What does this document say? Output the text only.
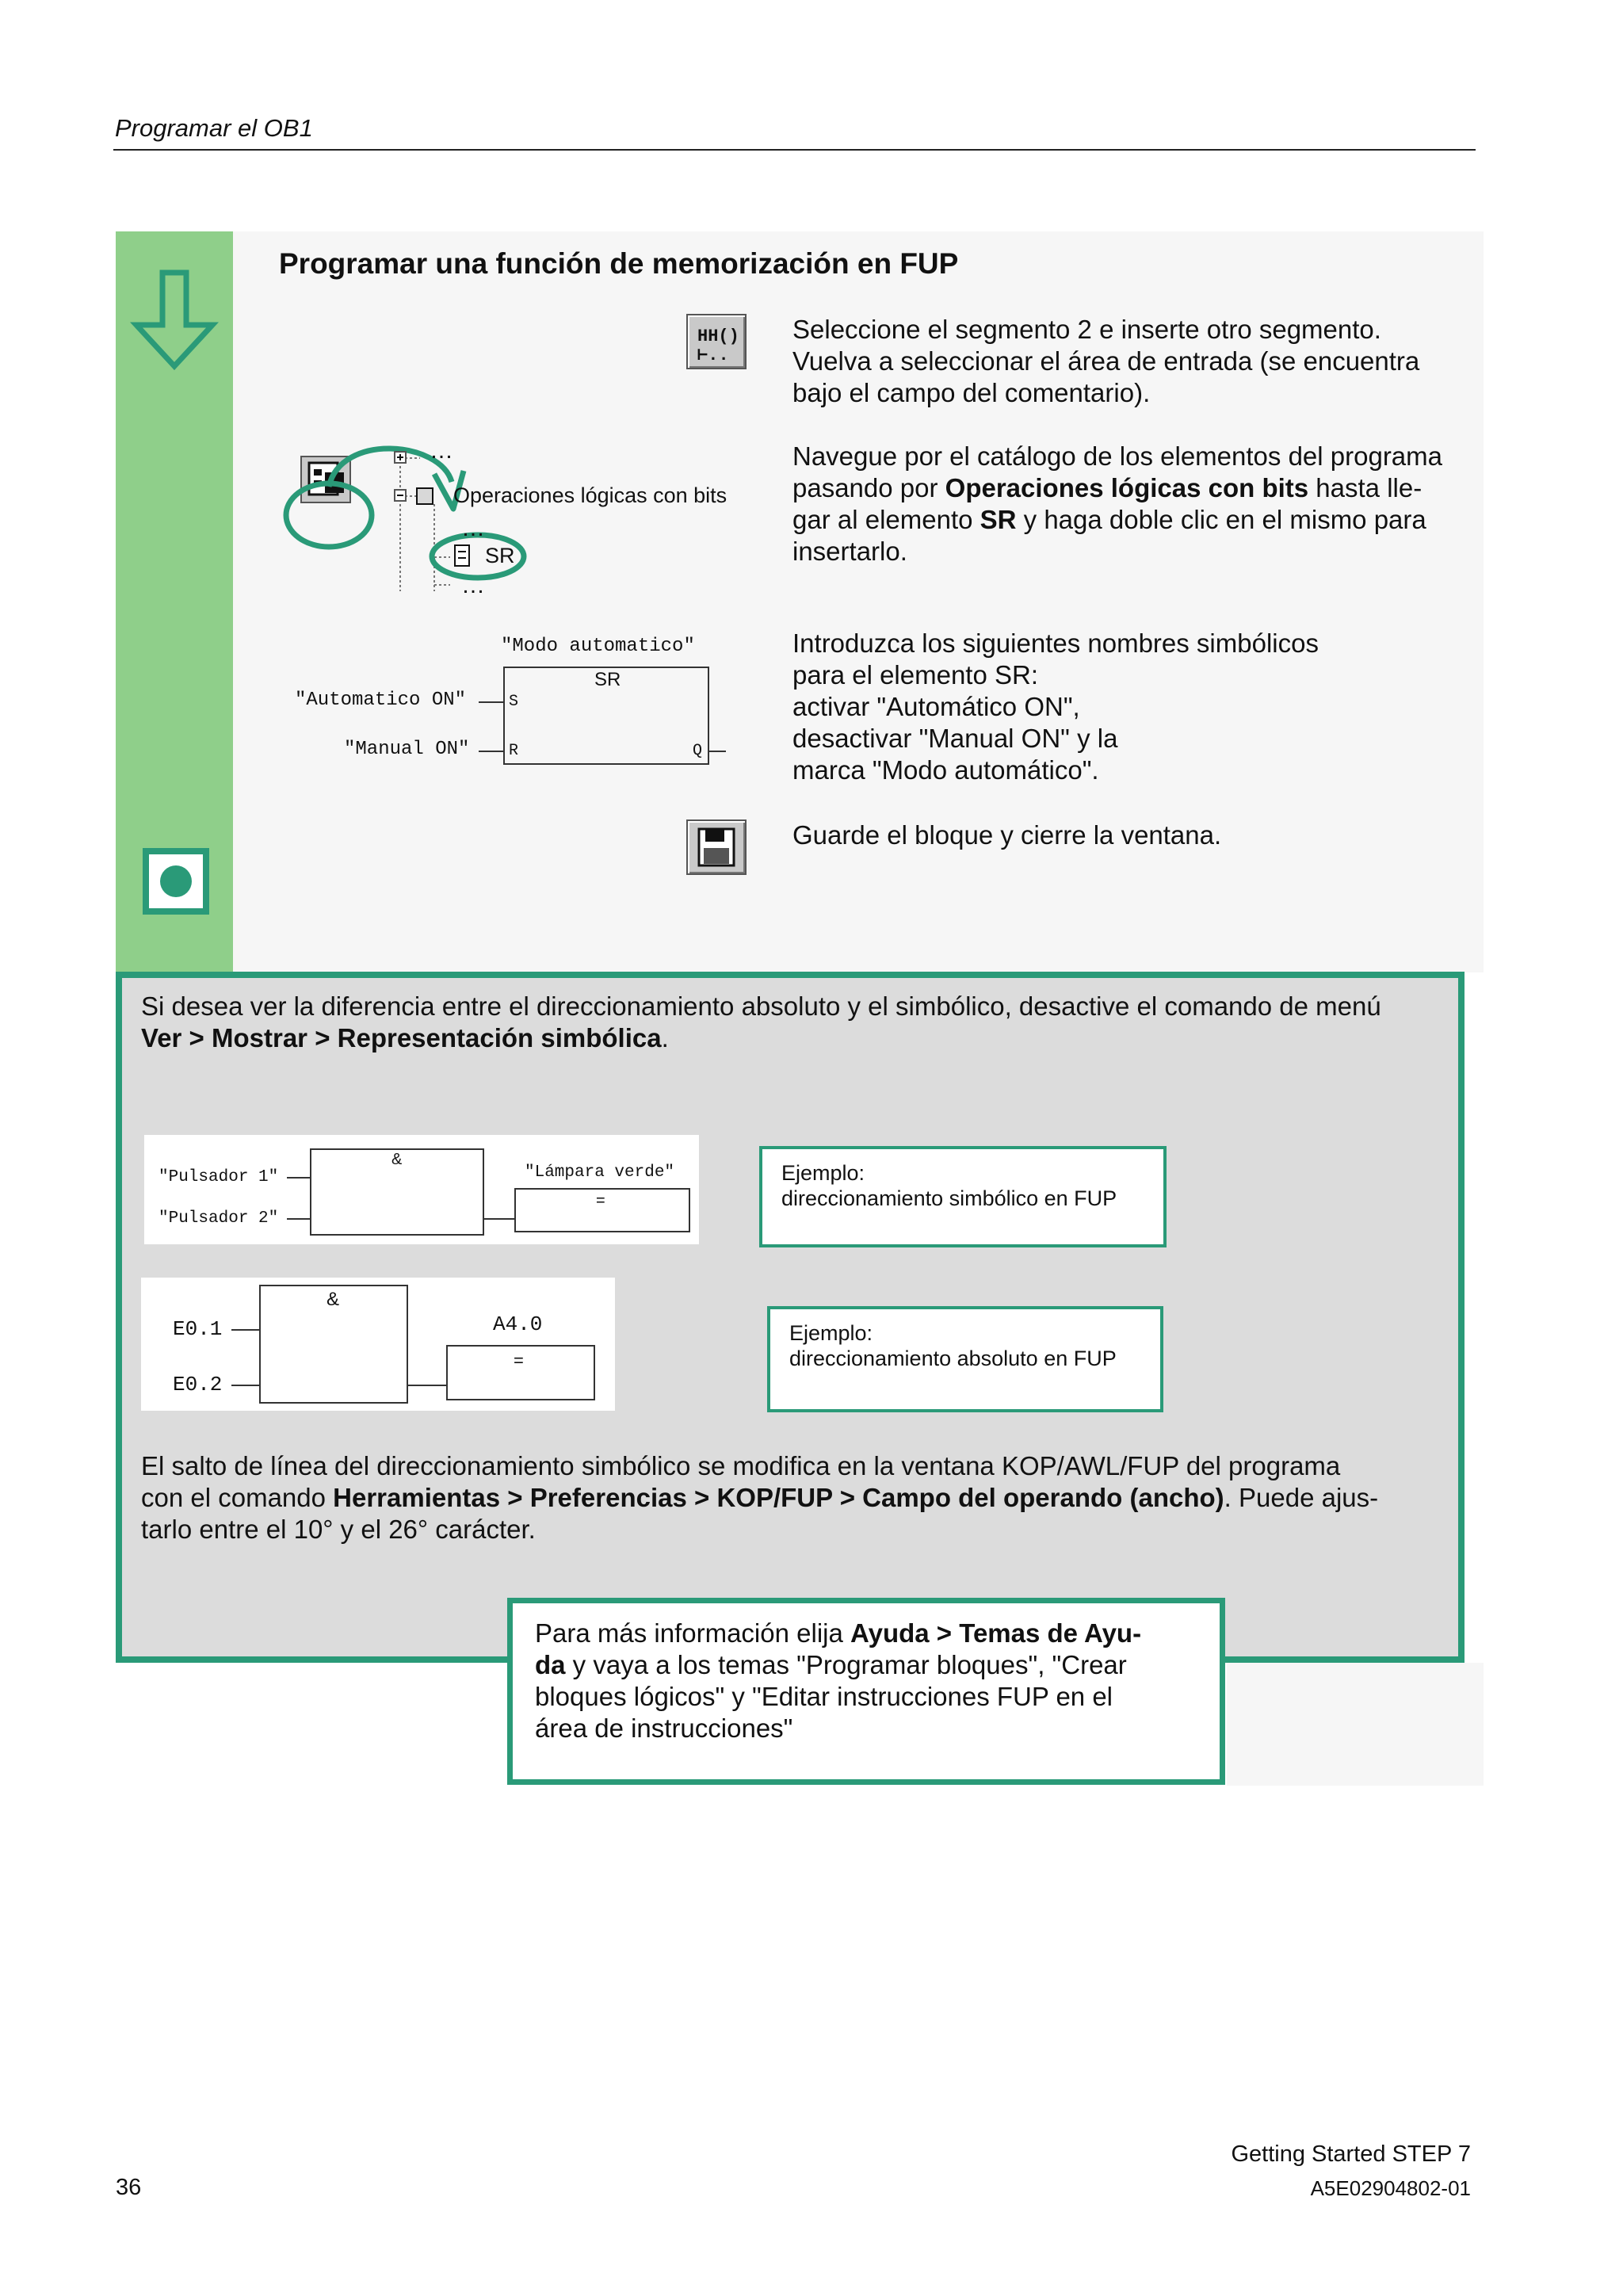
Programar el OB1
Programar una función de memorización en FUP
HH()
⊢..
Seleccione el segmento 2 e inserte otro segmento.
Vuelva a seleccionar el área de entrada (se encuentra
bajo el campo del comentario).
…
Operaciones lógicas con bits
…
SR
…
Navegue por el catálogo de los elementos del programa
pasando por Operaciones lógicas con bits hasta lle-
gar al elemento SR y haga doble clic en el mismo para
insertarlo.
"Modo automatico"
SR
"Automatico ON"
"Manual ON"
S
R	Q
Introduzca los siguientes nombres simbólicos
para el elemento SR:
activar "Automático ON",
desactivar "Manual ON" y la
marca "Modo automático".
Guarde el bloque y cierre la ventana.
Si desea ver la diferencia entre el direccionamiento absoluto y el simbólico, desactive el comando de menú
Ver > Mostrar > Representación simbólica.
&
"Pulsador 1"
"Pulsador 2"
"Lámpara verde"
=
Ejemplo:
direccionamiento simbólico en FUP
&
E0.1
E0.2
A4.0
=
Ejemplo:
direccionamiento absoluto en FUP
El salto de línea del direccionamiento simbólico se modifica en la ventana KOP/AWL/FUP del programa
con el comando Herramientas > Preferencias > KOP/FUP > Campo del operando (ancho). Puede ajus-
tarlo entre el 10° y el 26° carácter.
Para más información elija Ayuda > Temas de Ayu-
da y vaya a los temas "Programar bloques", "Crear
bloques lógicos" y "Editar instrucciones FUP en el
área de instrucciones"
36
Getting Started STEP 7
A5E02904802-01
